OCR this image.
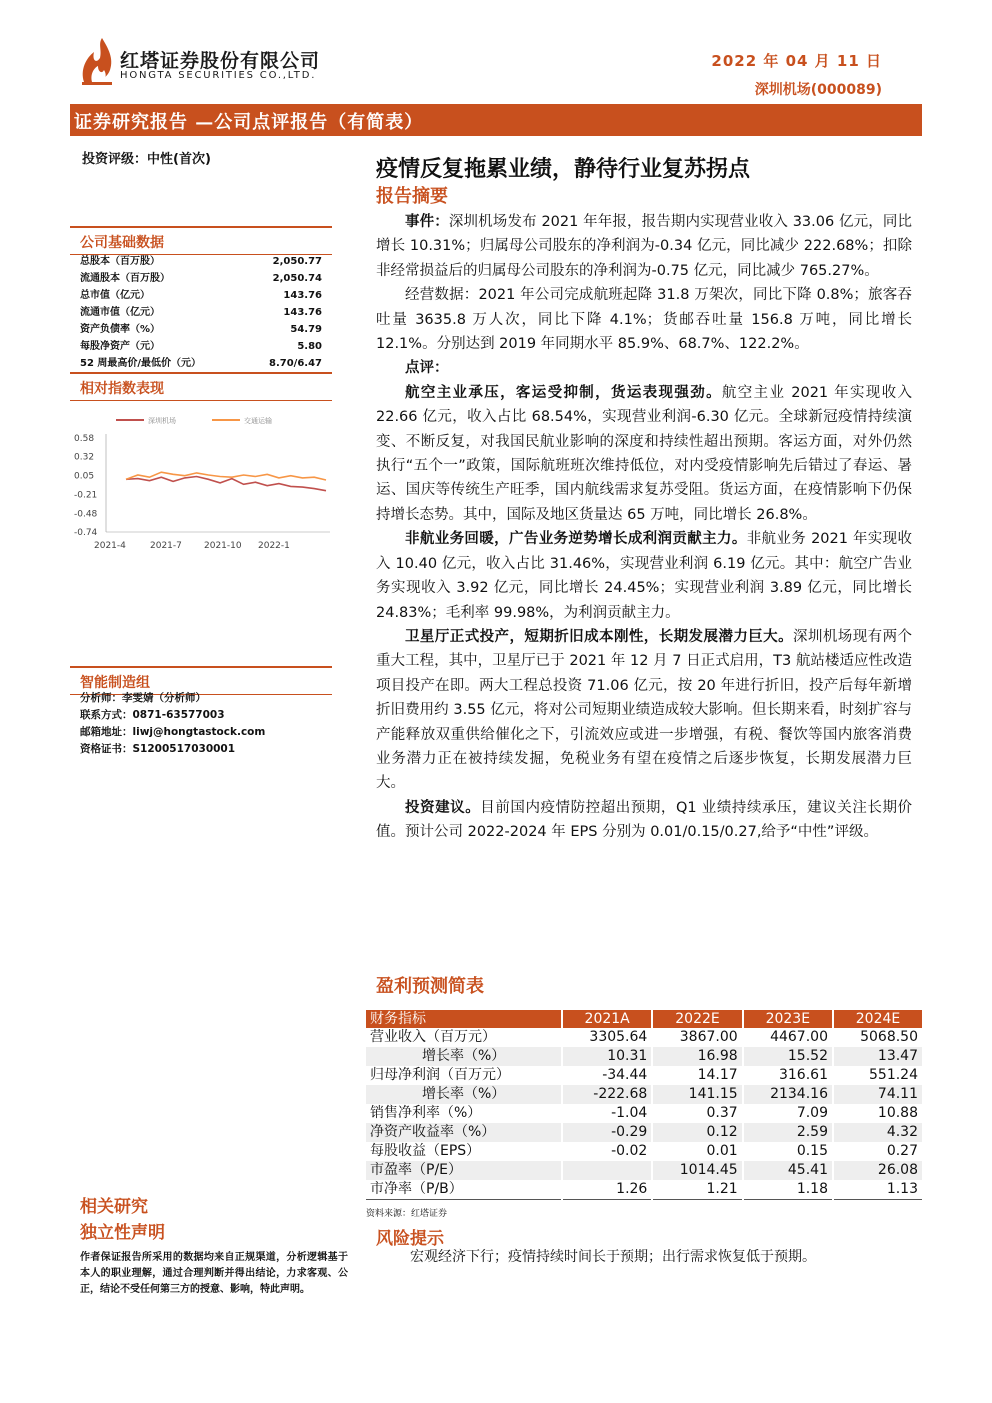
红塔证券股份有限公司
HONGTA SECURITIES CO.,LTD.
2022 年 04 月 11 日
深圳机场(000089)
证券研究报告 —公司点评报告（有简表）
投资评级：中性(首次)
公司基础数据
总股本（百万股）	2,050.77
流通股本（百万股）	2,050.74
总市值（亿元）	143.76
流通市值（亿元）	143.76
资产负债率（%）	54.79
每股净资产（元）	5.80
52 周最高价/最低价（元）	8.70/6.47
相对指数表现
深圳机场	交通运输
0.58
0.32
0.05
-0.21
-0.48
-0.74
2021-4	2021-7 2021-10 2022-1
智能制造组
分析师：李雯婧（分析师）
联系方式：0871-63577003
邮箱地址：liwj@hongtastock.com
资格证书：S1200517030001
相关研究
独立性声明
作者保证报告所采用的数据均来自正规渠道，分析逻辑基于本人的职业理解，通过合理判断并得出结论，力求客观、公正，结论不受任何第三方的授意、影响，特此声明。
疫情反复拖累业绩，静待行业复苏拐点
报告摘要

事件：深圳机场发布 2021 年年报，报告期内实现营业收入 33.06 亿元，同比增长 10.31%；归属母公司股东的净利润为-0.34 亿元，同比减少 222.68%；扣除非经常损益后的归属母公司股东的净利润为-0.75 亿元，同比减少 765.27%。

经营数据：2021 年公司完成航班起降 31.8 万架次，同比下降 0.8%；旅客吞吐量 3635.8 万人次，同比下降 4.1%；货邮吞吐量 156.8 万吨，同比增长 12.1%。分别达到 2019 年同期水平 85.9%、68.7%、122.2%。

点评：

航空主业承压，客运受抑制，货运表现强劲。航空主业 2021 年实现收入 22.66 亿元，收入占比 68.54%，实现营业利润-6.30 亿元。全球新冠疫情持续演变、不断反复，对我国民航业影响的深度和持续性超出预期。客运方面，对外仍然执行“五个一”政策，国际航班班次维持低位，对内受疫情影响先后错过了春运、暑运、国庆等传统生产旺季，国内航线需求复苏受阻。货运方面，在疫情影响下仍保持增长态势。其中，国际及地区货量达 65 万吨，同比增长 26.8%。

非航业务回暖，广告业务逆势增长成利润贡献主力。非航业务 2021 年实现收入 10.40 亿元，收入占比 31.46%，实现营业利润 6.19 亿元。其中：航空广告业务实现收入 3.92 亿元，同比增长 24.45%；实现营业利润 3.89 亿元，同比增长 24.83%；毛利率 99.98%，为利润贡献主力。

卫星厅正式投产，短期折旧成本刚性，长期发展潜力巨大。深圳机场现有两个重大工程，其中，卫星厅已于 2021 年 12 月 7 日正式启用，T3 航站楼适应性改造项目投产在即。两大工程总投资 71.06 亿元，按 20 年进行折旧，投产后每年新增折旧费用约 3.55 亿元，将对公司短期业绩造成较大影响。但长期来看，时刻扩容与产能释放双重供给催化之下，引流效应或进一步增强，有税、餐饮等国内旅客消费业务潜力正在被持续发掘，免税业务有望在疫情之后逐步恢复，长期发展潜力巨大。

投资建议。目前国内疫情防控超出预期，Q1 业绩持续承压，建议关注长期价值。预计公司 2022-2024 年 EPS 分别为 0.01/0.15/0.27,给予“中性”评级。

盈利预测简表
财务指标	2021A	2022E	2023E	2024E
营业收入（百万元）	3305.64	3867.00	4467.00	5068.50
增长率（%）	10.31	16.98	15.52	13.47
归母净利润（百万元）	-34.44	14.17	316.61	551.24
增长率（%）	-222.68	141.15	2134.16	74.11
销售净利率（%）	-1.04	0.37	7.09	10.88
净资产收益率（%）	-0.29	0.12	2.59	4.32
每股收益（EPS）	-0.02	0.01	0.15	0.27
市盈率（P/E）		1014.45	45.41	26.08
市净率（P/B）	1.26	1.21	1.18	1.13
资料来源：红塔证券
风险提示
宏观经济下行；疫情持续时间长于预期；出行需求恢复低于预期。
